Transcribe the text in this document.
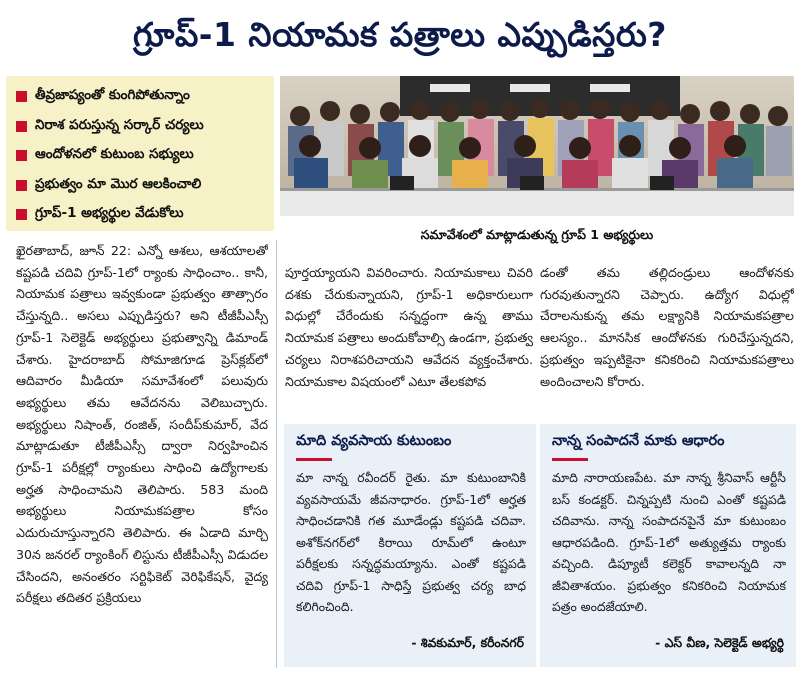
గ్రూప్-1 నియామక పత్రాలు ఎప్పుడిస్తరు?
తీవ్రజాప్యంతో కుంగిపోతున్నాం
నిరాశ పరుస్తున్న సర్కార్ చర్యలు
ఆందోళనలో కుటుంబ సభ్యులు
ప్రభుత్వం మా మొర ఆలకించాలి
గ్రూప్-1 అభ్యర్థుల వేడుకోలు
సమావేశంలో మాట్లాడుతున్న గ్రూప్ 1 అభ్యర్థులు

ఖైరతాబాద్, జూన్ 22: ఎన్నో ఆశలు, ఆశయాలతో కష్టపడి చదివి గ్రూప్-1లో ర్యాంకు సాధించాం.. కానీ, నియామక పత్రాలు ఇవ్వకుండా ప్రభుత్వం తాత్సారం చేస్తున్నది.. అసలు ఎప్పుడిస్తరు? అని టీజీపీఎస్సీ గ్రూప్-1 సెలెక్టెడ్ అభ్యర్థులు ప్రభుత్వాన్ని డిమాండ్ చేశారు. హైదరాబాద్ సోమాజిగూడ ప్రెస్‌క్లబ్‌లో ఆదివారం మీడియా సమావేశంలో పలువురు అభ్యర్థులు తమ ఆవేదనను వెలిబుచ్చారు. అభ్యర్థులు నిషాంత్, రంజిత్, సందీప్‌కుమార్, వేద మాట్లాడుతూ టీజీపీఎస్సీ ద్వారా నిర్వహించిన గ్రూప్-1 పరీక్షల్లో ర్యాంకులు సాధించి ఉద్యోగాలకు అర్హత సాధించామని తెలిపారు. 583 మంది అభ్యర్థులు నియామకపత్రాల కోసం ఎదురుచూస్తున్నారని తెలిపారు. ఈ ఏడాది మార్చి 30న జనరల్ ర్యాంకింగ్ లిస్టును టీజీపీఎస్సీ విడుదల చేసిందని, అనంతరం సర్టిఫికెట్ వెరిఫికేషన్, వైద్య పరీక్షలు తదితర ప్రక్రియలు

పూర్తయ్యాయని వివరించారు. నియామకాలు చివరి దశకు చేరుకున్నాయని, గ్రూప్-1 అధికారులుగా విధుల్లో చేరేందుకు సన్నద్ధంగా ఉన్న తాము నియామక పత్రాలు అందుకోవాల్సి ఉండగా, ప్రభుత్వ చర్యలు నిరాశపరిచాయని ఆవేదన వ్యక్తంచేశారు. నియామకాల విషయంలో ఎటూ తేలకపోవ

డంతో తమ తల్లిదండ్రులు ఆందోళనకు గురవుతున్నారని చెప్పారు. ఉద్యోగ విధుల్లో చేరాలనుకున్న తమ లక్ష్యానికి నియామకపత్రాల ఆలస్యం.. మానసిక ఆందోళనకు గురిచేస్తున్నదని, ప్రభుత్వం ఇప్పటికైనా కనికరించి నియామకపత్రాలు అందించాలని కోరారు.

మాది వ్యవసాయ కుటుంబం
మా నాన్న రవీందర్ రైతు. మా కుటుంబానికి వ్యవసాయమే జీవనాధారం. గ్రూప్-1లో అర్హత సాధించడానికి గత మూడేండ్లు కష్టపడి చదివా. అశోక్‌నగర్‌లో కిరాయి రూమ్‌లో ఉంటూ పరీక్షలకు సన్నద్ధమయ్యాను. ఎంతో కష్టపడి చదివి గ్రూప్-1 సాధిస్తే ప్రభుత్వ చర్య బాధ కలిగించింది.
- శివకుమార్, కరీంనగర్
నాన్న సంపాదనే మాకు ఆధారం
మాది నారాయణపేట. మా నాన్న శ్రీనివాస్ ఆర్టీసీ బస్ కండక్టర్. చిన్నప్పటి నుంచి ఎంతో కష్టపడి చదివాను. నాన్న సంపాదనపైనే మా కుటుంబం ఆధారపడింది. గ్రూప్-1లో అత్యుత్తమ ర్యాంకు వచ్చింది. డిప్యూటీ కలెక్టర్ కావాలన్నది నా జీవితాశయం. ప్రభుత్వం కనికరించి నియామక పత్రం అందజేయాలి.
- ఎస్ వీణ, సెలెక్టెడ్ అభ్యర్థి
